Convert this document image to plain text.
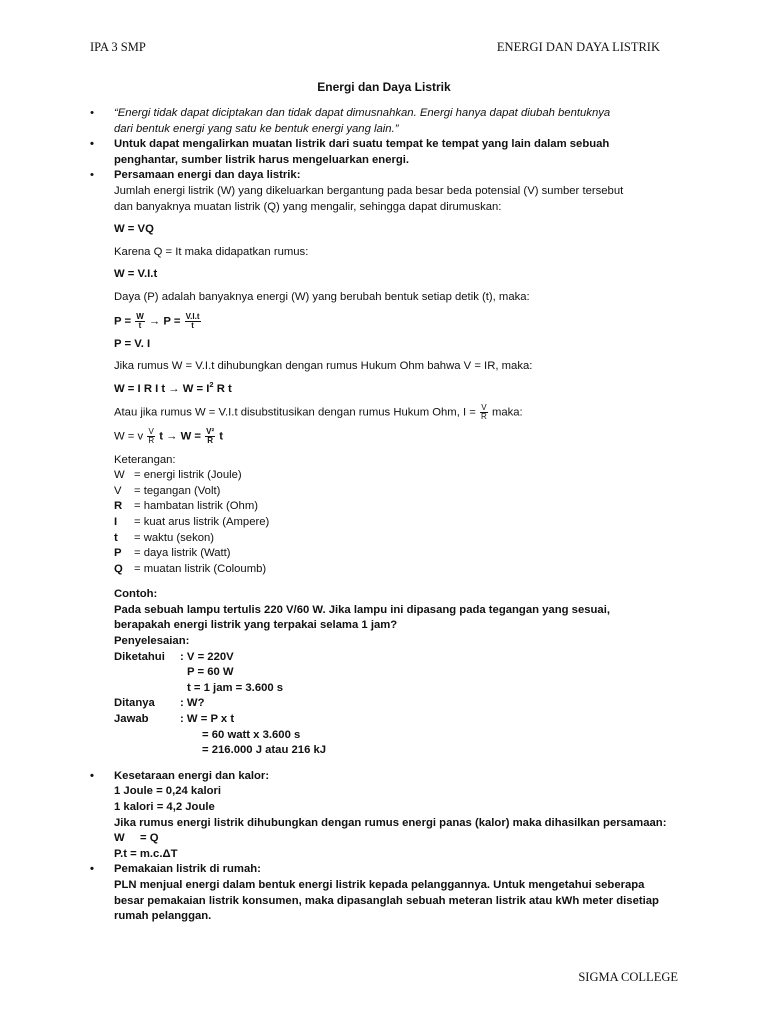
IPA 3 SMP	ENERGI DAN DAYA LISTRIK
Energi dan Daya Listrik
• “Energi tidak dapat diciptakan dan tidak dapat dimusnahkan. Energi hanya dapat diubah bentuknya
dari bentuk energi yang satu ke bentuk energi yang lain.”
• Untuk dapat mengalirkan muatan listrik dari suatu tempat ke tempat yang lain dalam sebuah
penghantar, sumber listrik harus mengeluarkan energi.
• Persamaan energi dan daya listrik:
Jumlah energi listrik (W) yang dikeluarkan bergantung pada besar beda potensial (V) sumber tersebut
dan banyaknya muatan listrik (Q) yang mengalir, sehingga dapat dirumuskan:
W = VQ
Karena Q = It maka didapatkan rumus:
W = V.I.t
Daya (P) adalah banyaknya energi (W) yang berubah bentuk setiap detik (t), maka:
$P = \frac{W}{t} \to P = \frac{V.I.t}{t}$
P = V. I
Jika rumus W = V.I.t dihubungkan dengan rumus Hukum Ohm bahwa V = IR, maka:
W = I R I $t \to W = I^2$ R t
Atau jika rumus W = V.I.t disubstitusikan dengan rumus Hukum Ohm, $I = \frac{V}{R}$ maka:
W = v $\frac{V}{R}$ $t \to W = \frac{\text{V²}}{R}$ t
Keterangan:
W = energi listrik (Joule)
V	= tegangan (Volt)
R	= hambatan listrik (Ohm)
I	= kuat arus listrik (Ampere)
t	= waktu (sekon)
P	= daya listrik (Watt)
Q = muatan listrik (Coloumb)
Contoh:
Pada sebuah lampu tertulis 220 V/60 W. Jika lampu ini dipasang pada tegangan yang sesuai,
berapakah energi listrik yang terpakai selama 1 jam?
Penyelesaian:
Diketahui	: V = 220V
P = 60 W
t = 1 jam = 3.600 s
Ditanya	: W?
Jawab	: W = P x t
= 60 watt x 3.600 s
= 216.000 J atau 216 kJ
• Kesetaraan energi dan kalor:
1 Joule = 0,24 kalori
1 kalori = 4,2 Joule
Jika rumus energi listrik dihubungkan dengan rumus energi panas (kalor) maka dihasilkan persamaan:
W	= Q
P.t = m.c.ΔT
• Pemakaian listrik di rumah:
PLN menjual energi dalam bentuk energi listrik kepada pelanggannya. Untuk mengetahui seberapa
besar pemakaian listrik konsumen, maka dipasanglah sebuah meteran listrik atau kWh meter disetiap
rumah pelanggan.
SIGMA COLLEGE
